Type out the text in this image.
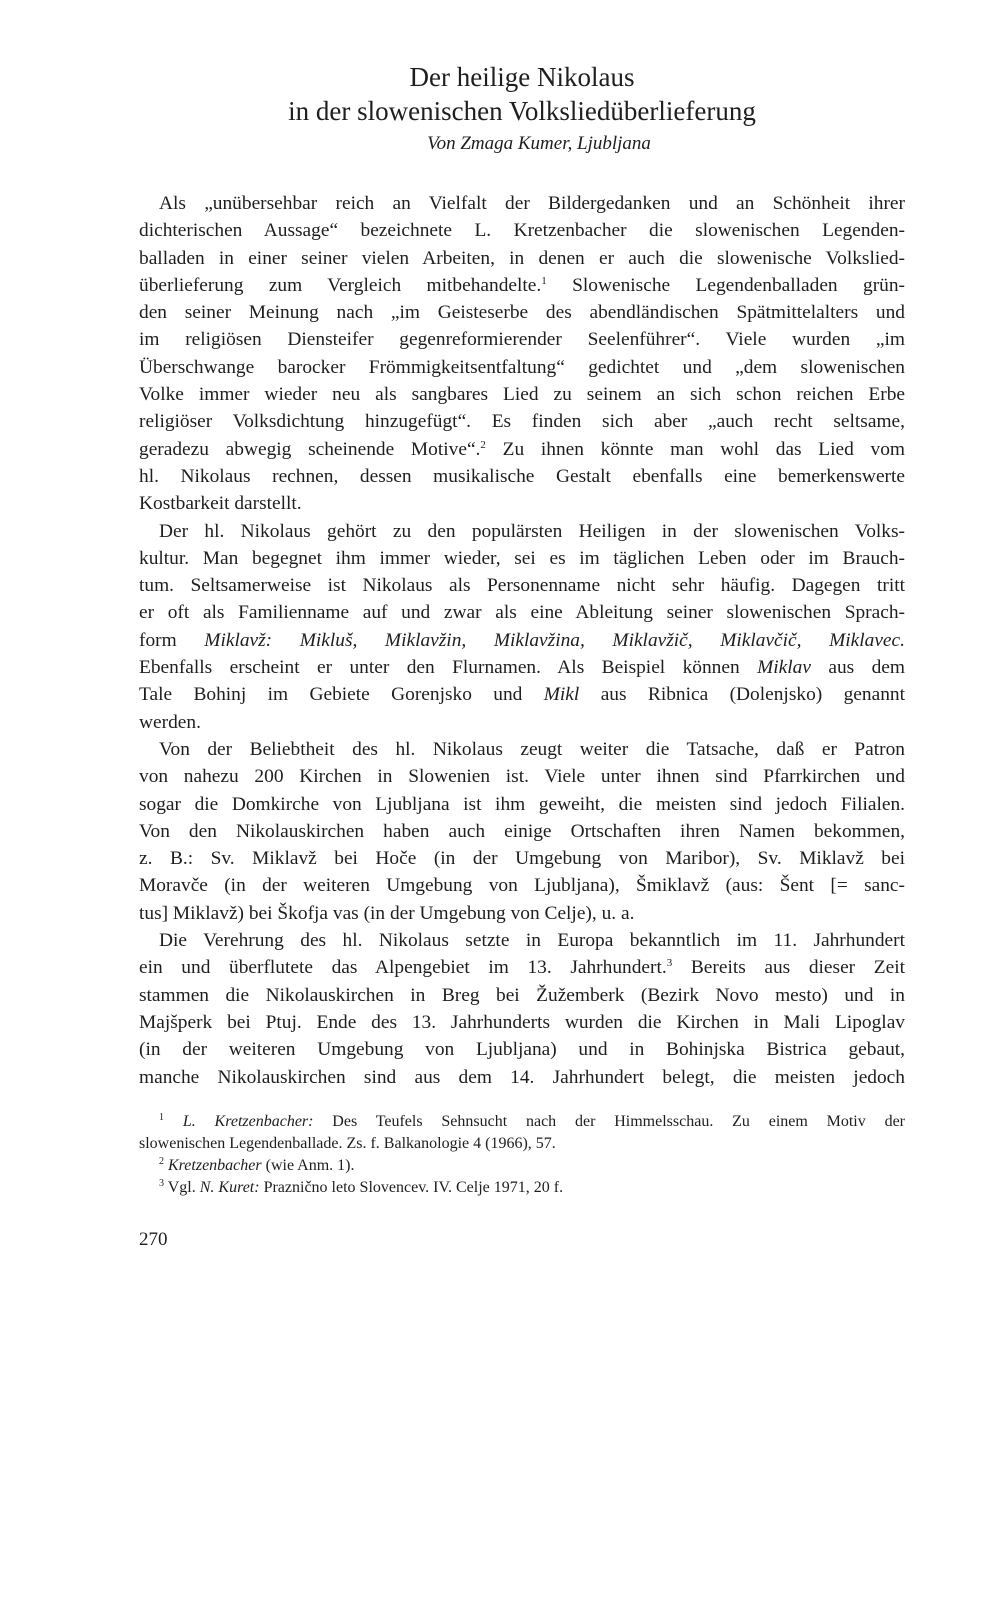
Der heilige Nikolaus
in der slowenischen Volksliedüberlieferung

Von Zmaga Kumer, Ljubljana

Als „unübersehbar reich an Vielfalt der Bildergedanken und an Schönheit ihrer
dichterischen Aussage“ bezeichnete L. Kretzenbacher die slowenischen Legenden-
balladen in einer seiner vielen Arbeiten, in denen er auch die slowenische Volkslied-
überlieferung zum Vergleich mitbehandelte.$^1$ Slowenische Legendenballaden grün-
den seiner Meinung nach „im Geisteserbe des abendländischen Spätmittelalters und
im religiösen Diensteifer gegenreformierender Seelenführer“. Viele wurden „im
Überschwange barocker Frömmigkeitsentfaltung“ gedichtet und „dem slowenischen
Volke immer wieder neu als sangbares Lied zu seinem an sich schon reichen Erbe
religiöser Volksdichtung hinzugefügt“. Es finden sich aber „auch recht seltsame,
geradezu abwegig scheinende Motive“.$^2$ Zu ihnen könnte man wohl das Lied vom
hl. Nikolaus rechnen, dessen musikalische Gestalt ebenfalls eine bemerkenswerte
Kostbarkeit darstellt.

Der hl. Nikolaus gehört zu den populärsten Heiligen in der slowenischen Volks-
kultur. Man begegnet ihm immer wieder, sei es im täglichen Leben oder im Brauch-
tum. Seltsamerweise ist Nikolaus als Personenname nicht sehr häufig. Dagegen tritt
er oft als Familienname auf und zwar als eine Ableitung seiner slowenischen Sprach-
form Miklavž: Mikluš, Miklavžin, Miklavžina, Miklavžič, Miklavčič, Miklavec.
Ebenfalls erscheint er unter den Flurnamen. Als Beispiel können Miklav aus dem
Tale Bohinj im Gebiete Gorenjsko und Mikl aus Ribnica (Dolenjsko) genannt
werden.

Von der Beliebtheit des hl. Nikolaus zeugt weiter die Tatsache, daß er Patron
von nahezu 200 Kirchen in Slowenien ist. Viele unter ihnen sind Pfarrkirchen und
sogar die Domkirche von Ljubljana ist ihm geweiht, die meisten sind jedoch Filialen.
Von den Nikolauskirchen haben auch einige Ortschaften ihren Namen bekommen,
z. B.: Sv. Miklavž bei Hoče (in der Umgebung von Maribor), Sv. Miklavž bei
Moravče (in der weiteren Umgebung von Ljubljana), Šmiklavž (aus: Šent [= sanc-
tus] Miklavž) bei Škofja vas (in der Umgebung von Celje), u. a.

Die Verehrung des hl. Nikolaus setzte in Europa bekanntlich im 11. Jahrhundert
ein und überflutete das Alpengebiet im 13. Jahrhundert.$^3$ Bereits aus dieser Zeit
stammen die Nikolauskirchen in Breg bei Žužemberk (Bezirk Novo mesto) und in
Majšperk bei Ptuj. Ende des 13. Jahrhunderts wurden die Kirchen in Mali Lipoglav
(in der weiteren Umgebung von Ljubljana) und in Bohinjska Bistrica gebaut,
manche Nikolauskirchen sind aus dem 14. Jahrhundert belegt, die meisten jedoch

$^1$ L. Kretzenbacher: Des Teufels Sehnsucht nach der Himmelsschau. Zu einem Motiv der
slowenischen Legendenballade. Zs. f. Balkanologie 4 (1966), 57.

$^2$ Kretzenbacher (wie Anm. 1).

$^3$ Vgl. N. Kuret: Praznično leto Slovencev. IV. Celje 1971, 20 f.

270
